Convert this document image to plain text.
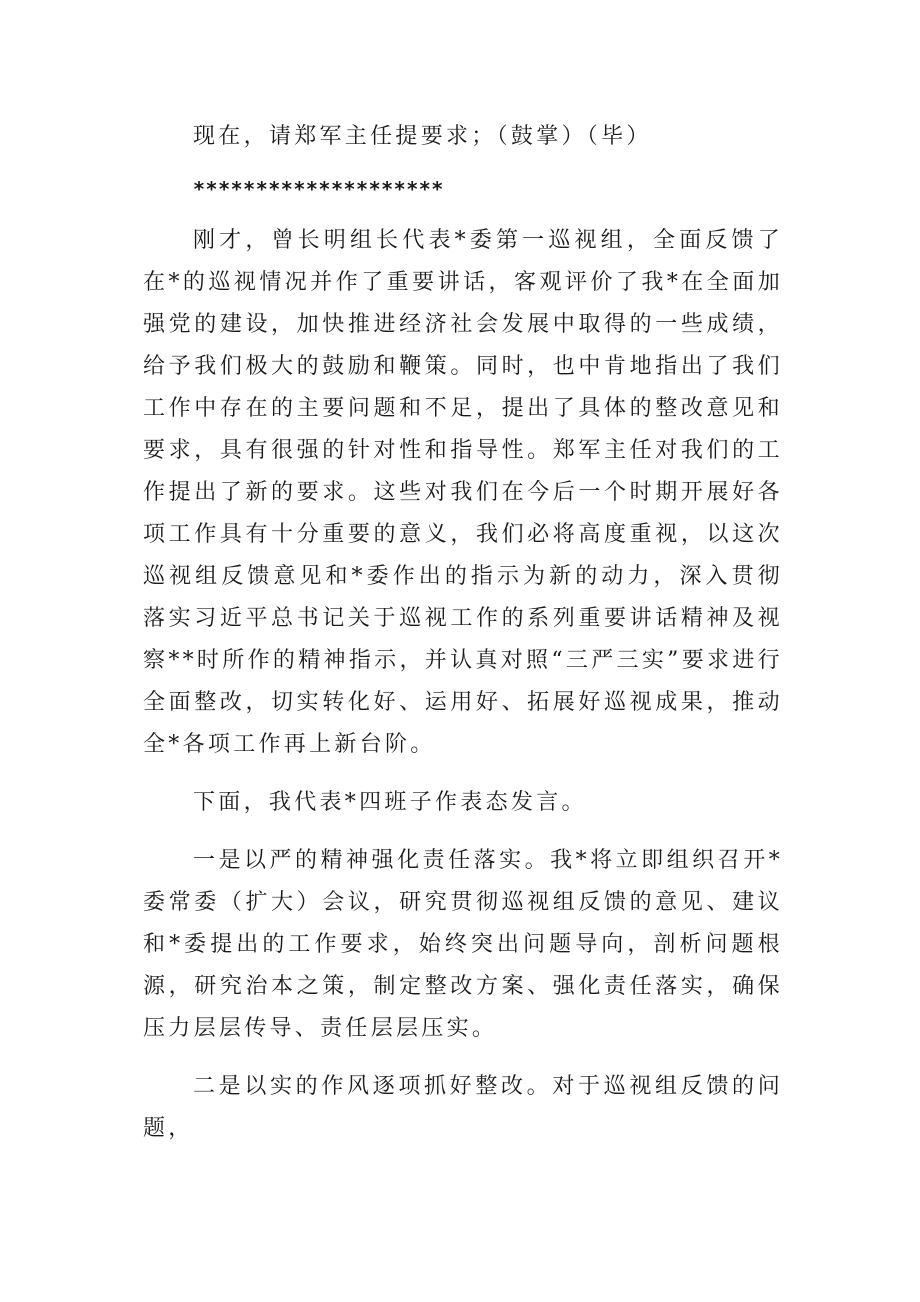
现在，请郑军主任提要求；（鼓掌）（毕）

********************

刚才，曾长明组长代表*委第一巡视组，全面反馈了在*的巡视情况并作了重要讲话，客观评价了我*在全面加强党的建设，加快推进经济社会发展中取得的一些成绩，给予我们极大的鼓励和鞭策。同时，也中肯地指出了我们工作中存在的主要问题和不足，提出了具体的整改意见和要求，具有很强的针对性和指导性。郑军主任对我们的工作提出了新的要求。这些对我们在今后一个时期开展好各项工作具有十分重要的意义，我们必将高度重视，以这次巡视组反馈意见和*委作出的指示为新的动力，深入贯彻落实习近平总书记关于巡视工作的系列重要讲话精神及视察**时所作的精神指示，并认真对照“三严三实”要求进行全面整改，切实转化好、运用好、拓展好巡视成果，推动全*各项工作再上新台阶。

下面，我代表*四班子作表态发言。

一是以严的精神强化责任落实。我*将立即组织召开*委常委（扩大）会议，研究贯彻巡视组反馈的意见、建议和*委提出的工作要求，始终突出问题导向，剖析问题根源，研究治本之策，制定整改方案、强化责任落实，确保压力层层传导、责任层层压实。

二是以实的作风逐项抓好整改。对于巡视组反馈的问题，
